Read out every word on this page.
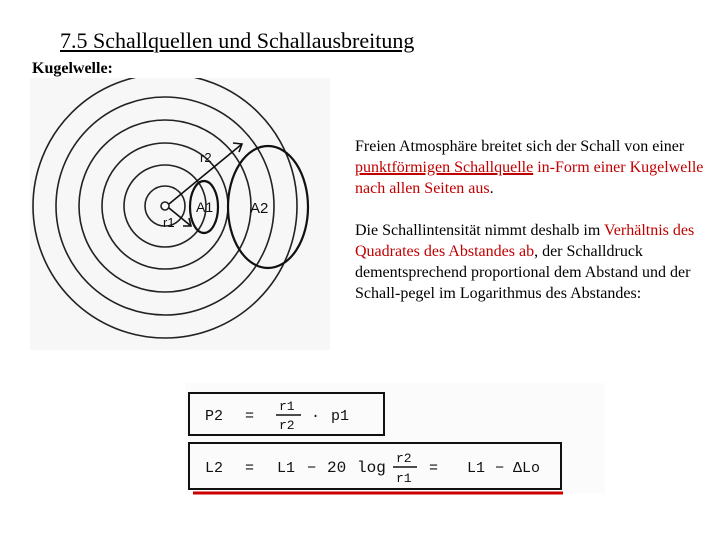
7.5 Schallquellen und Schallausbreitung
Kugelwelle:
r2
r1
A1 A2

Freien Atmosphäre breitet sich der Schall von einer punktförmigen Schallquelle in-Form einer Kugelwelle nach allen Seiten aus.

Die Schallintensität nimmt deshalb im Verhältnis des Quadrates des Abstandes ab, der Schalldruck dementsprechend proportional dem Abstand und der Schall-pegel im Logarithmus des Abstandes:

P2 =
r1
r2
· p1
L2 = L1 − 20 log
r2
r1
= L1 − ΔLo
